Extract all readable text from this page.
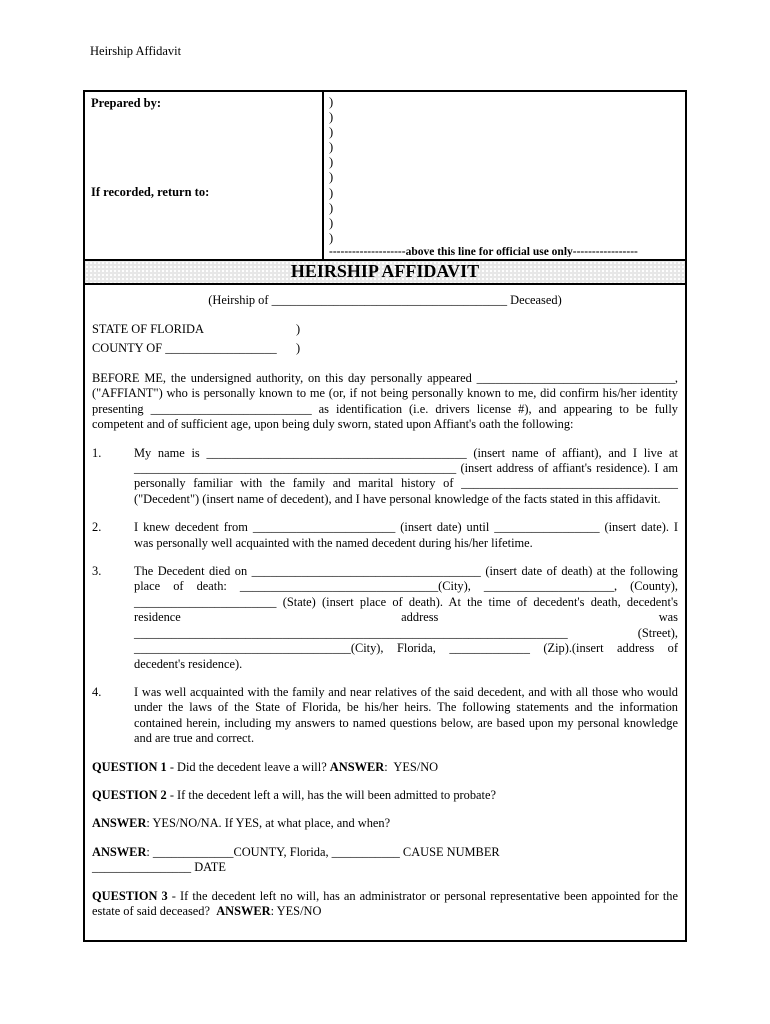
Heirship Affidavit
Prepared by:
If recorded, return to:
)
)
)
)
)
)
)
)
)
)
--------------------above this line for official use only-----------------
HEIRSHIP AFFIDAVIT
(Heirship of ______________________________________ Deceased)
STATE OF FLORIDA	)
COUNTY OF __________________ )
BEFORE ME, the undersigned authority, on this day personally appeared ________________________________, ("AFFIANT") who is personally known to me (or, if not being personally known to me, did confirm his/her identity presenting __________________________ as identification (i.e. drivers license #), and appearing to be fully competent and of sufficient age, upon being duly sworn, stated upon Affiant's oath the following:
1.	My name is __________________________________________ (insert name of affiant), and I live at ____________________________________________________ (insert address of affiant's residence). I am personally familiar with the family and marital history of ___________________________________ ("Decedent") (insert name of decedent), and I have personal knowledge of the facts stated in this affidavit.
2.	I knew decedent from _______________________ (insert date) until _________________ (insert date). I was personally well acquainted with the named decedent during his/her lifetime.
3.	The Decedent died on _____________________________________ (insert date of death) at the following place of death: ________________________________(City), _____________________, (County), _______________________ (State) (insert place of death). At the time of decedent's death, decedent's residence address was ______________________________________________________________________ (Street), ___________________________________(City), Florida, _____________ (Zip).(insert address of decedent's residence).
4.	I was well acquainted with the family and near relatives of the said decedent, and with all those who would under the laws of the State of Florida, be his/her heirs. The following statements and the information contained herein, including my answers to named questions below, are based upon my personal knowledge and are true and correct.
QUESTION 1 - Did the decedent leave a will? ANSWER:  YES/NO
QUESTION 2 - If the decedent left a will, has the will been admitted to probate?
ANSWER: YES/NO/NA. If YES, at what place, and when?
ANSWER: _____________COUNTY, Florida, ___________ CAUSE NUMBER
________________ DATE
QUESTION 3 - If the decedent left no will, has an administrator or personal representative been appointed for the estate of said deceased?  ANSWER: YES/NO
